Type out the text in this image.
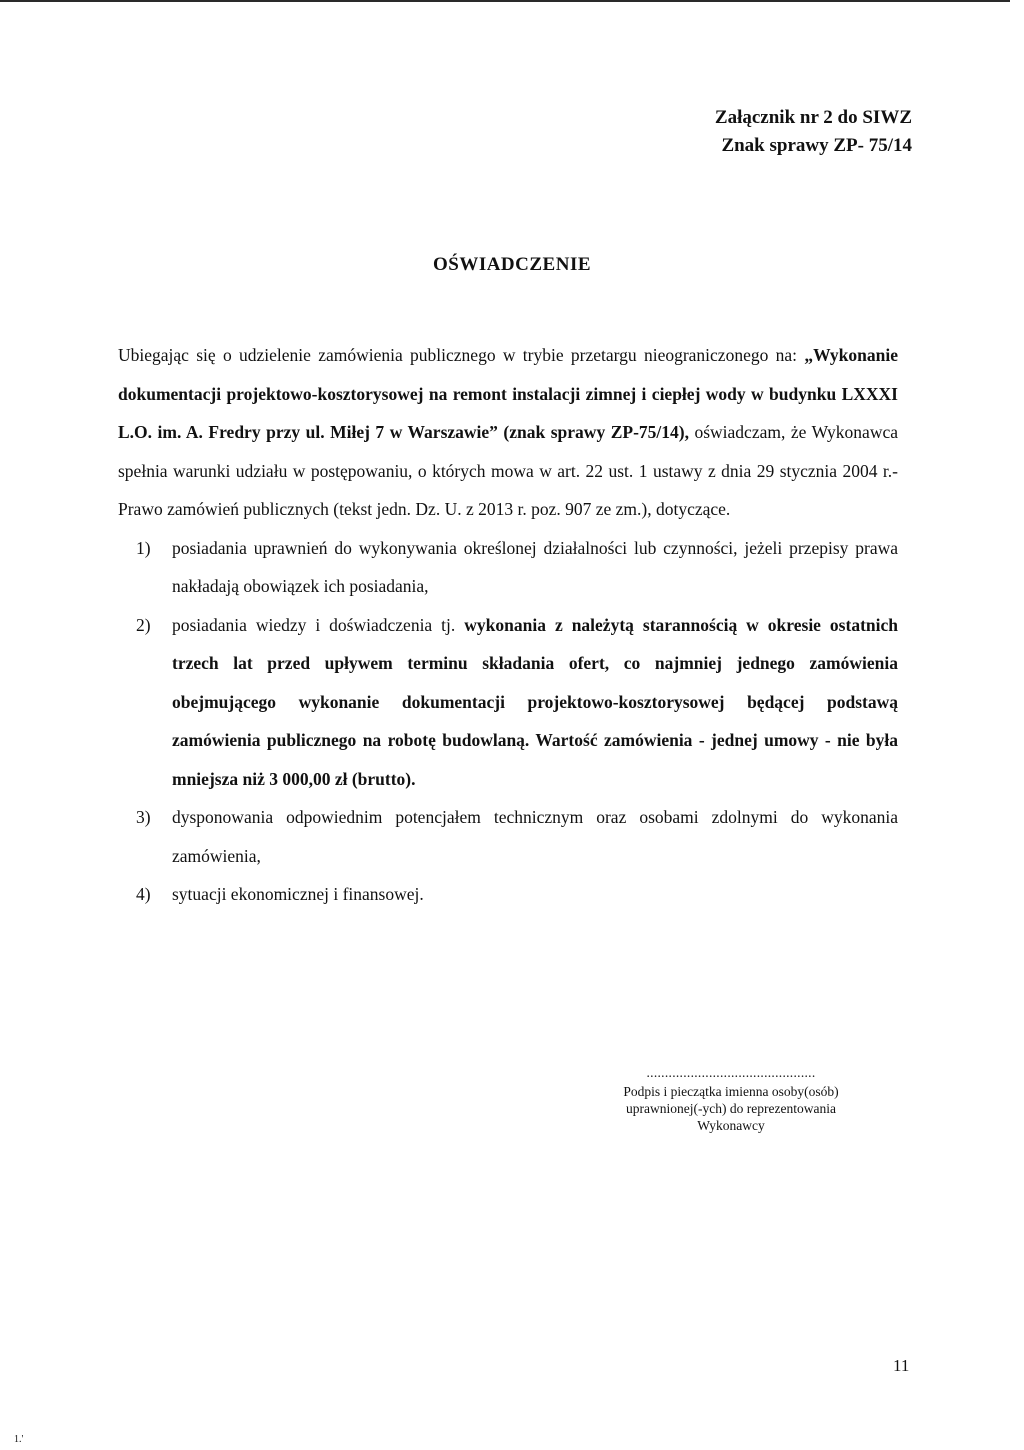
Załącznik nr 2 do SIWZ
Znak sprawy ZP- 75/14
OŚWIADCZENIE

Ubiegając się o udzielenie zamówienia publicznego w trybie przetargu nieograniczonego na: „Wykonanie dokumentacji projektowo-kosztorysowej na remont instalacji zimnej i ciepłej wody w budynku LXXXI L.O. im. A. Fredry przy ul. Miłej 7 w Warszawie” (znak sprawy ZP-75/14), oświadczam, że Wykonawca spełnia warunki udziału w postępowaniu, o których mowa w art. 22 ust. 1 ustawy z dnia 29 stycznia 2004 r.- Prawo zamówień publicznych (tekst jedn. Dz. U. z 2013 r. poz. 907 ze zm.), dotyczące.

1) posiadania uprawnień do wykonywania określonej działalności lub czynności, jeżeli przepisy prawa nakładają obowiązek ich posiadania,
2) posiadania wiedzy i doświadczenia tj. wykonania z należytą starannością w okresie ostatnich trzech lat przed upływem terminu składania ofert, co najmniej jednego zamówienia obejmującego wykonanie dokumentacji projektowo-kosztorysowej będącej podstawą zamówienia publicznego na robotę budowlaną. Wartość zamówienia - jednej umowy - nie była mniejsza niż 3 000,00 zł (brutto).
3) dysponowania odpowiednim potencjałem technicznym oraz osobami zdolnymi do wykonania zamówienia,
4) sytuacji ekonomicznej i finansowej.
..............................................
Podpis i pieczątka imienna osoby(osób)
uprawnionej(-ych) do reprezentowania
Wykonawcy
11
1.'
